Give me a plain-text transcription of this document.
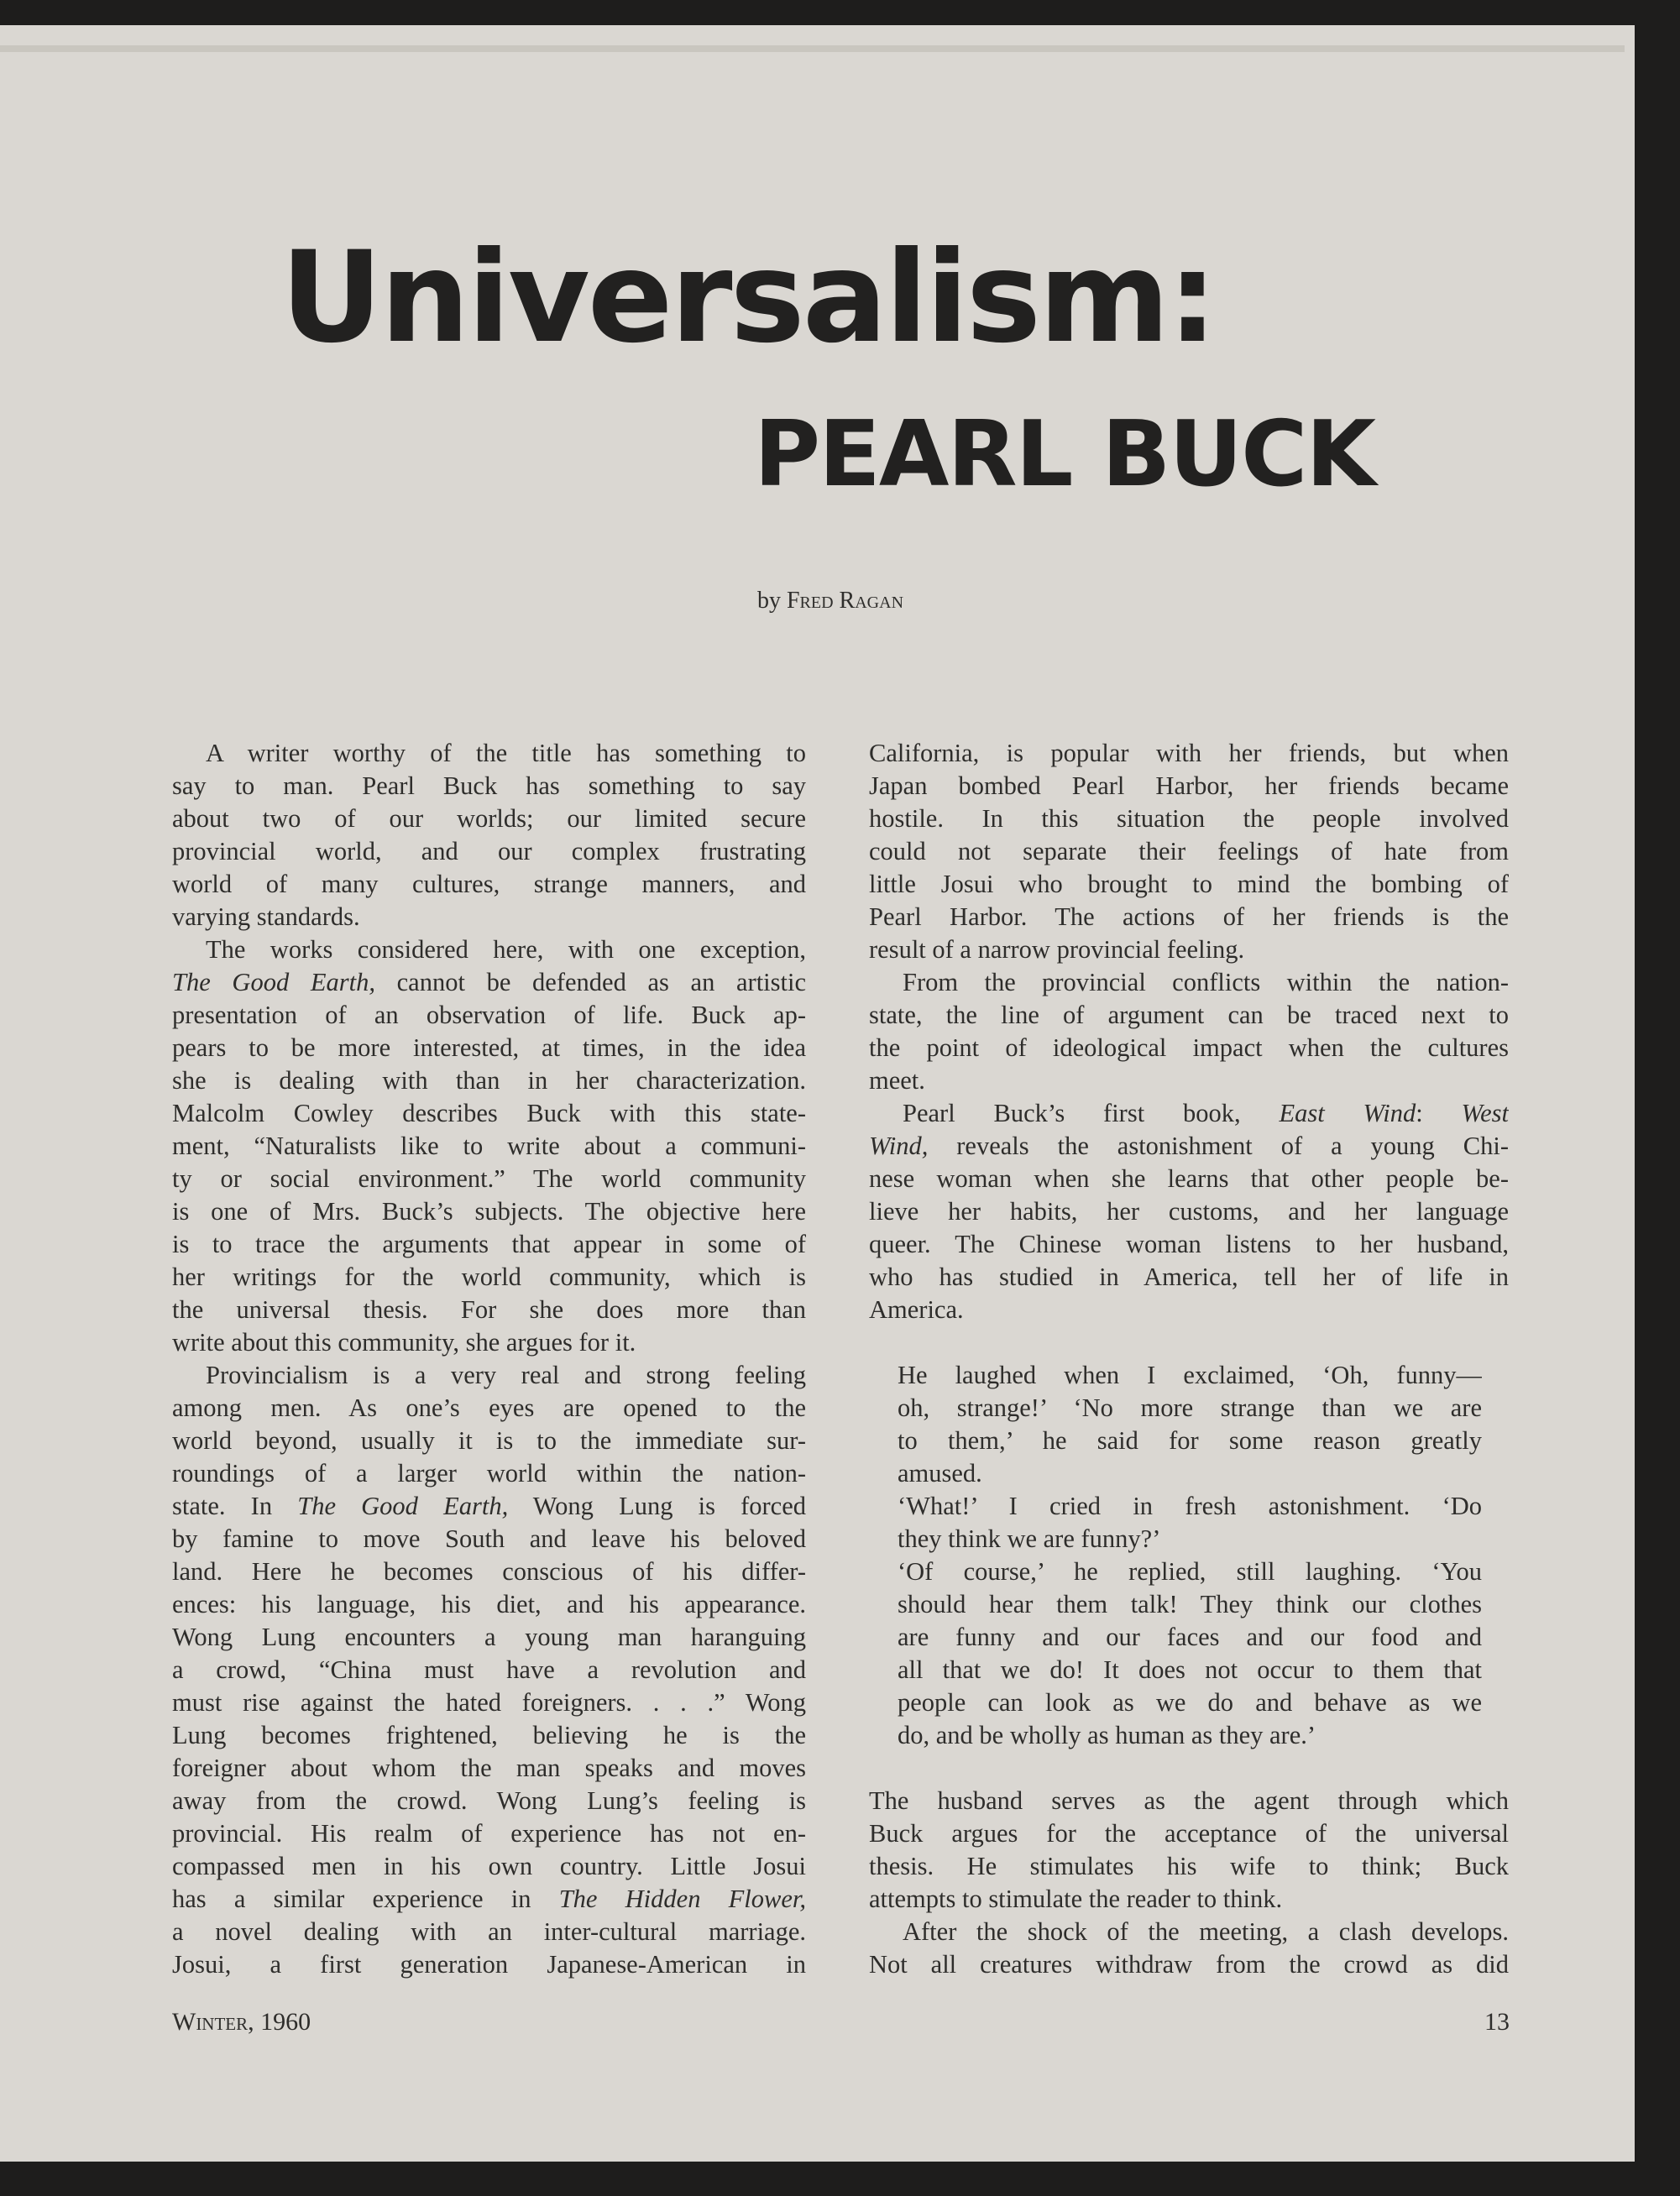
Universalism:
PEARL BUCK
by Fred Ragan
A writer worthy of the title has something to
say to man. Pearl Buck has something to say
about two of our worlds; our limited secure
provincial world, and our complex frustrating
world of many cultures, strange manners, and
varying standards.
The works considered here, with one exception,
The Good Earth, cannot be defended as an artistic
presentation of an observation of life. Buck ap-
pears to be more interested, at times, in the idea
she is dealing with than in her characterization.
Malcolm Cowley describes Buck with this state-
ment, “Naturalists like to write about a communi-
ty or social environment.” The world community
is one of Mrs. Buck’s subjects. The objective here
is to trace the arguments that appear in some of
her writings for the world community, which is
the universal thesis. For she does more than
write about this community, she argues for it.
Provincialism is a very real and strong feeling
among men. As one’s eyes are opened to the
world beyond, usually it is to the immediate sur-
roundings of a larger world within the nation-
state. In The Good Earth, Wong Lung is forced
by famine to move South and leave his beloved
land. Here he becomes conscious of his differ-
ences: his language, his diet, and his appearance.
Wong Lung encounters a young man haranguing
a crowd, “China must have a revolution and
must rise against the hated foreigners. . . .” Wong
Lung becomes frightened, believing he is the
foreigner about whom the man speaks and moves
away from the crowd. Wong Lung’s feeling is
provincial. His realm of experience has not en-
compassed men in his own country. Little Josui
has a similar experience in The Hidden Flower,
a novel dealing with an inter-cultural marriage.
Josui, a first generation Japanese-American in
California, is popular with her friends, but when
Japan bombed Pearl Harbor, her friends became
hostile. In this situation the people involved
could not separate their feelings of hate from
little Josui who brought to mind the bombing of
Pearl Harbor. The actions of her friends is the
result of a narrow provincial feeling.
From the provincial conflicts within the nation-
state, the line of argument can be traced next to
the point of ideological impact when the cultures
meet.
Pearl Buck’s first book, East Wind: West
Wind, reveals the astonishment of a young Chi-
nese woman when she learns that other people be-
lieve her habits, her customs, and her language
queer. The Chinese woman listens to her husband,
who has studied in America, tell her of life in
America.
He laughed when I exclaimed, ‘Oh, funny—
oh, strange!’ ‘No more strange than we are
to them,’ he said for some reason greatly
amused.
‘What!’ I cried in fresh astonishment. ‘Do
they think we are funny?’
‘Of course,’ he replied, still laughing. ‘You
should hear them talk! They think our clothes
are funny and our faces and our food and
all that we do! It does not occur to them that
people can look as we do and behave as we
do, and be wholly as human as they are.’
The husband serves as the agent through which
Buck argues for the acceptance of the universal
thesis. He stimulates his wife to think; Buck
attempts to stimulate the reader to think.
After the shock of the meeting, a clash develops.
Not all creatures withdraw from the crowd as did
Winter, 1960	13
